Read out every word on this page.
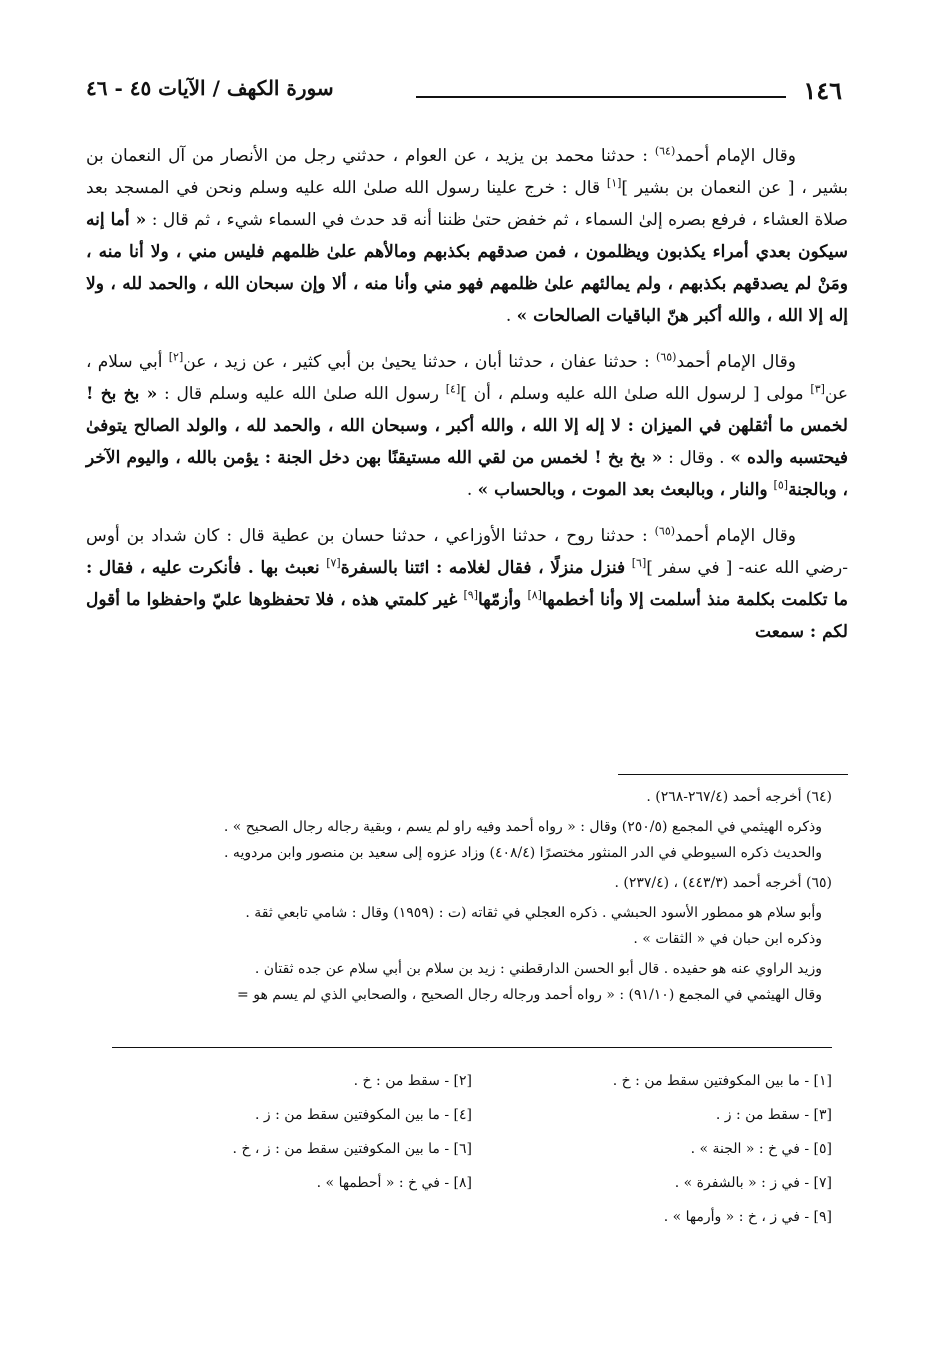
١٤٦
سورة الكهف / الآيات ٤٥ - ٤٦

وقال الإمام أحمد$^{(٦٤)}$ : حدثنا محمد بن يزيد ، عن العوام ، حدثني رجل من الأنصار من آل النعمان بن بشير ، [ عن النعمان بن بشير ][١] قال : خرج علينا رسول الله صلىٰ الله عليه وسلم ونحن في المسجد بعد صلاة العشاء ، فرفع بصره إلىٰ السماء ، ثم خفض حتىٰ ظننا أنه قد حدث في السماء شيء ، ثم قال : « أما إنه سيكون بعدي أمراء يكذبون ويظلمون ، فمن صدقهم بكذبهم ومالأهم علىٰ ظلمهم فليس مني ، ولا أنا منه ، ومَنْ لم يصدقهم بكذبهم ، ولم يمالئهم علىٰ ظلمهم فهو مني وأنا منه ، ألا وإن سبحان الله ، والحمد لله ، ولا إله إلا الله ، والله أكبر هنّ الباقيات الصالحات » .

وقال الإمام أحمد$^{(٦٥)}$ : حدثنا عفان ، حدثنا أبان ، حدثنا يحيىٰ بن أبي كثير ، عن زيد ، عن[٢] أبي سلام ، عن[٣] مولى [ لرسول الله صلىٰ الله عليه وسلم ، أن ][٤] رسول الله صلىٰ الله عليه وسلم قال : « بخ بخ ! لخمس ما أثقلهن في الميزان : لا إله إلا الله ، والله أكبر ، وسبحان الله ، والحمد لله ، والولد الصالح يتوفىٰ فيحتسبه والده » . وقال : « بخ بخ ! لخمس من لقي الله مستيقنًا بهن دخل الجنة : يؤمن بالله ، واليوم الآخر ، وبالجنة[٥] والنار ، وبالبعث بعد الموت ، وبالحساب » .

وقال الإمام أحمد$^{(٦٥)}$ : حدثنا روح ، حدثنا الأوزاعي ، حدثنا حسان بن عطية قال : كان شداد بن أوس -رضي الله عنه- [ في سفر ][٦] فنزل منزلًا ، فقال لغلامه : ائتنا بالسفرة[٧] نعبث بها . فأنكرت عليه ، فقال : ما تكلمت بكلمة منذ أسلمت إلا وأنا أخطمها[٨] وأزمّها[٩] غير كلمتي هذه ، فلا تحفظوها عليّ واحفظوا ما أقول لكم : سمعت

(٦٤) أخرجه أحمد (٢٦٧/٤-٢٦٨) .
وذكره الهيثمي في المجمع (٢٥٠/٥) وقال : « رواه أحمد وفيه راو لم يسم ، وبقية رجاله رجال الصحيح » .
والحديث ذكره السيوطي في الدر المنثور مختصرًا (٤٠٨/٤) وزاد عزوه إلى سعيد بن منصور وابن مردويه .
(٦٥) أخرجه أحمد (٤٤٣/٣) ، (٢٣٧/٤) .
وأبو سلام هو ممطور الأسود الحبشي . ذكره العجلي في ثقاته (ت : (١٩٥٩) وقال : شامي تابعي ثقة .
وذكره ابن حبان في « الثقات » .
وزيد الراوي عنه هو حفيده . قال أبو الحسن الدارقطني : زيد بن سلام بن أبي سلام عن جده ثقتان .
وقال الهيثمي في المجمع (٩١/١٠) : « رواه أحمد ورجاله رجال الصحيح ، والصحابي الذي لم يسم هو =
[١] - ما بين المكوفتين سقط من : خ .
[٢] - سقط من : خ .
[٣] - سقط من : ز .
[٤] - ما بين المكوفتين سقط من : ز .
[٥] - في خ : « الجنة » .
[٦] - ما بين المكوفتين سقط من : ز ، خ .
[٧] - في ز : « بالشفرة » .
[٨] - في خ : « أحطمها » .
[٩] - في ز ، خ : « وأرمها » .
